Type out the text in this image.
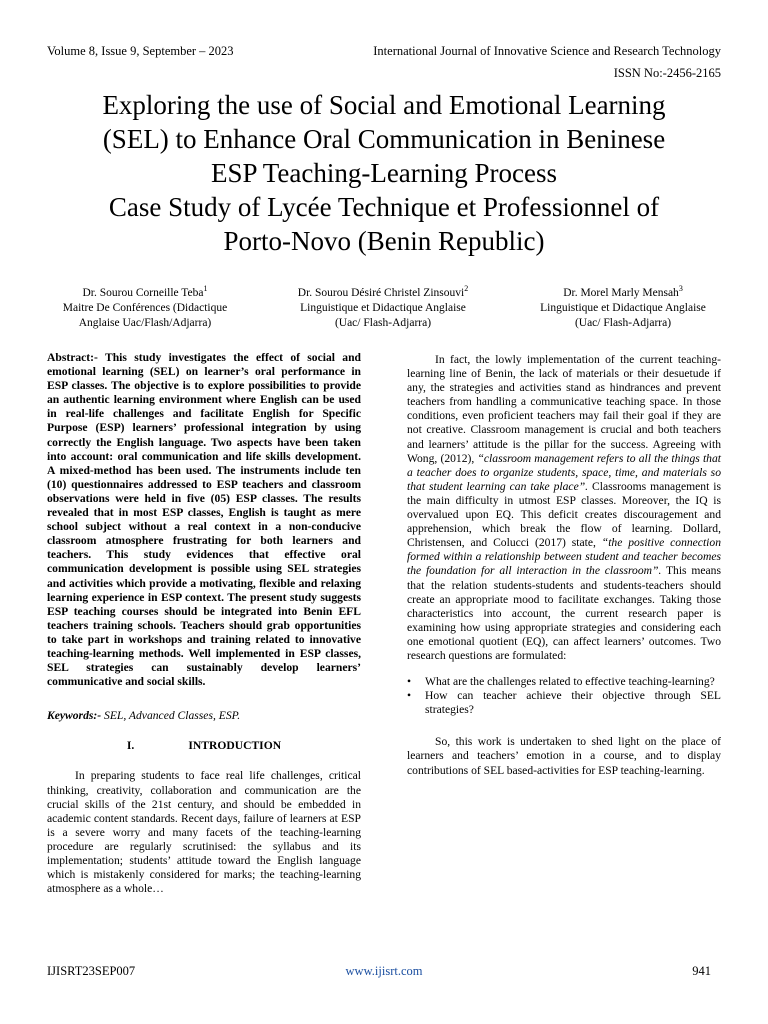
Volume 8, Issue 9, September – 2023	International Journal of Innovative Science and Research Technology
ISSN No:-2456-2165
Exploring the use of Social and Emotional Learning
(SEL) to Enhance Oral Communication in Beninese
ESP Teaching-Learning Process
Case Study of Lycée Technique et Professionnel of
Porto-Novo (Benin Republic)
Dr. Sourou Corneille Teba$^1$
Maitre De Conférences (Didactique
Anglaise Uac/Flash/Adjarra)
Dr. Sourou Désiré Christel Zinsouvi$^2$
Linguistique et Didactique Anglaise
(Uac/ Flash-Adjarra)
Dr. Morel Marly Mensah$^3$
Linguistique et Didactique Anglaise
(Uac/ Flash-Adjarra)

Abstract:- This study investigates the effect of social and emotional learning (SEL) on learner’s oral performance in ESP classes. The objective is to explore possibilities to provide an authentic learning environment where English can be used in real-life challenges and facilitate English for Specific Purpose (ESP) learners’ professional integration by using correctly the English language. Two aspects have been taken into account: oral communication and life skills development. A mixed-method has been used. The instruments include ten (10) questionnaires addressed to ESP teachers and classroom observations were held in five (05) ESP classes. The results revealed that in most ESP classes, English is taught as mere school subject without a real context in a non-conducive classroom atmosphere frustrating for both learners and teachers. This study evidences that effective oral communication development is possible using SEL strategies and activities which provide a motivating, flexible and relaxing learning experience in ESP context. The present study suggests ESP teaching courses should be integrated into Benin EFL teachers training schools. Teachers should grab opportunities to take part in workshops and training related to innovative teaching-learning methods. Well implemented in ESP classes, SEL strategies can sustainably develop learners’ communicative and social skills.

Keywords:- SEL, Advanced Classes, ESP.

I.	INTRODUCTION

In preparing students to face real life challenges, critical thinking, creativity, collaboration and communication are the crucial skills of the 21st century, and should be embedded in academic content standards. Recent days, failure of learners at ESP is a severe worry and many facets of the teaching-learning procedure are regularly scrutinised: the syllabus and its implementation; students’ attitude toward the English language which is mistakenly considered for marks; the teaching-learning atmosphere as a whole…

In fact, the lowly implementation of the current teaching-learning line of Benin, the lack of materials or their desuetude if any, the strategies and activities stand as hindrances and prevent teachers from handling a communicative teaching space. In those conditions, even proficient teachers may fail their goal if they are not creative. Classroom management is crucial and both teachers and learners’ attitude is the pillar for the success. Agreeing with Wong, (2012), “classroom management refers to all the things that a teacher does to organize students, space, time, and materials so that student learning can take place”. Classrooms management is the main difficulty in utmost ESP classes. Moreover, the IQ is overvalued upon EQ. This deficit creates discouragement and apprehension, which break the flow of learning. Dollard, Christensen, and Colucci (2017) state, “the positive connection formed within a relationship between student and teacher becomes the foundation for all interaction in the classroom”. This means that the relation students-students and students-teachers should create an appropriate mood to facilitate exchanges. Taking those characteristics into account, the current research paper is examining how using appropriate strategies and considering each one emotional quotient (EQ), can affect learners’ outcomes. Two research questions are formulated:

• What are the challenges related to effective teaching-learning?
• How can teacher achieve their objective through SEL strategies?

So, this work is undertaken to shed light on the place of learners and teachers’ emotion in a course, and to display contributions of SEL based-activities for ESP teaching-learning.

IJISRT23SEP007	www.ijisrt.com	941
